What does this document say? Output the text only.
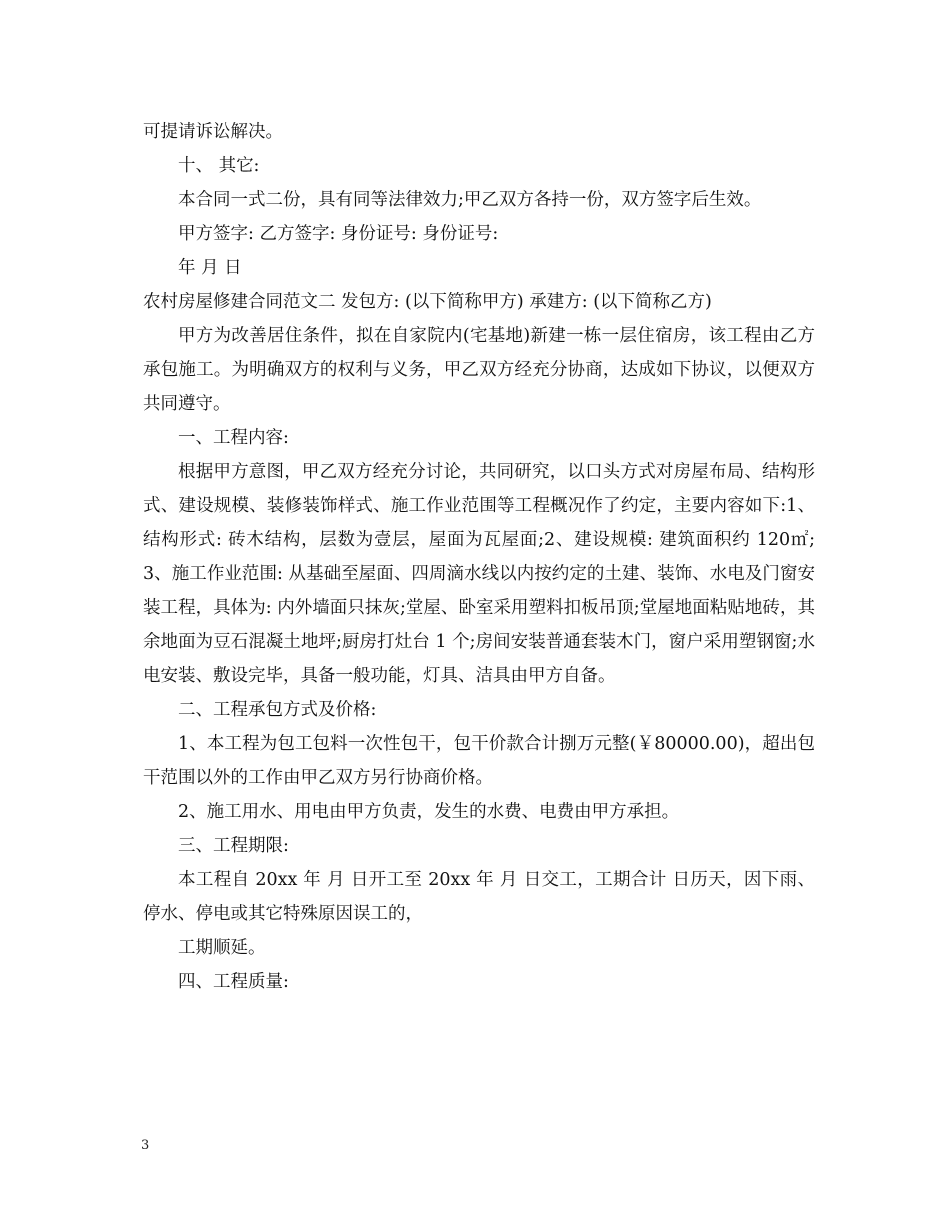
可提请诉讼解决。

十、 其它:

本合同一式二份，具有同等法律效力;甲乙双方各持一份，双方签字后生效。

甲方签字: 乙方签字: 身份证号: 身份证号:

年 月 日

农村房屋修建合同范文二 发包方: (以下简称甲方) 承建方: (以下简称乙方)

甲方为改善居住条件，拟在自家院内(宅基地)新建一栋一层住宿房，该工程由乙方承包施工。为明确双方的权利与义务，甲乙双方经充分协商，达成如下协议，以便双方共同遵守。

一、工程内容:

根据甲方意图，甲乙双方经充分讨论，共同研究，以口头方式对房屋布局、结构形式、建设规模、装修装饰样式、施工作业范围等工程概况作了约定，主要内容如下:1、结构形式: 砖木结构，层数为壹层，屋面为瓦屋面;2、建设规模: 建筑面积约 120㎡;3、施工作业范围: 从基础至屋面、四周滴水线以内按约定的土建、装饰、水电及门窗安装工程，具体为: 内外墙面只抹灰;堂屋、卧室采用塑料扣板吊顶;堂屋地面粘贴地砖，其余地面为豆石混凝土地坪;厨房打灶台 1 个;房间安装普通套装木门，窗户采用塑钢窗;水电安装、敷设完毕，具备一般功能，灯具、洁具由甲方自备。

二、工程承包方式及价格:

1、本工程为包工包料一次性包干，包干价款合计捌万元整(￥80000.00)，超出包干范围以外的工作由甲乙双方另行协商价格。

2、施工用水、用电由甲方负责，发生的水费、电费由甲方承担。

三、工程期限:

本工程自 20xx 年 月 日开工至 20xx 年 月 日交工，工期合计 日历天，因下雨、停水、停电或其它特殊原因误工的，

工期顺延。

四、工程质量:

3
